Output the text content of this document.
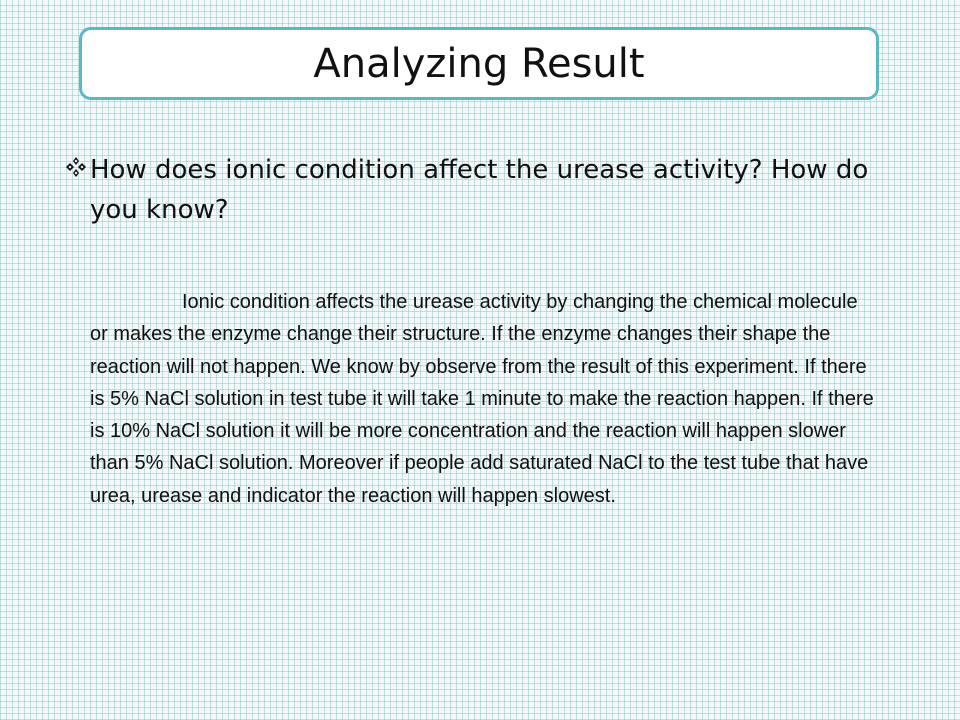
Analyzing Result
How does ionic condition affect the urease activity? How do you know?
Ionic condition affects the urease activity by changing the chemical molecule or makes the enzyme change their structure. If the enzyme changes their shape the reaction will not happen. We know by observe from the result of this experiment. If there is 5% NaCl solution in test tube it will take 1 minute to make the reaction happen. If there is 10% NaCl solution it will be more concentration and the reaction will happen slower than 5% NaCl solution. Moreover if people add saturated NaCl to the test tube that have urea, urease and indicator the reaction will happen slowest.
